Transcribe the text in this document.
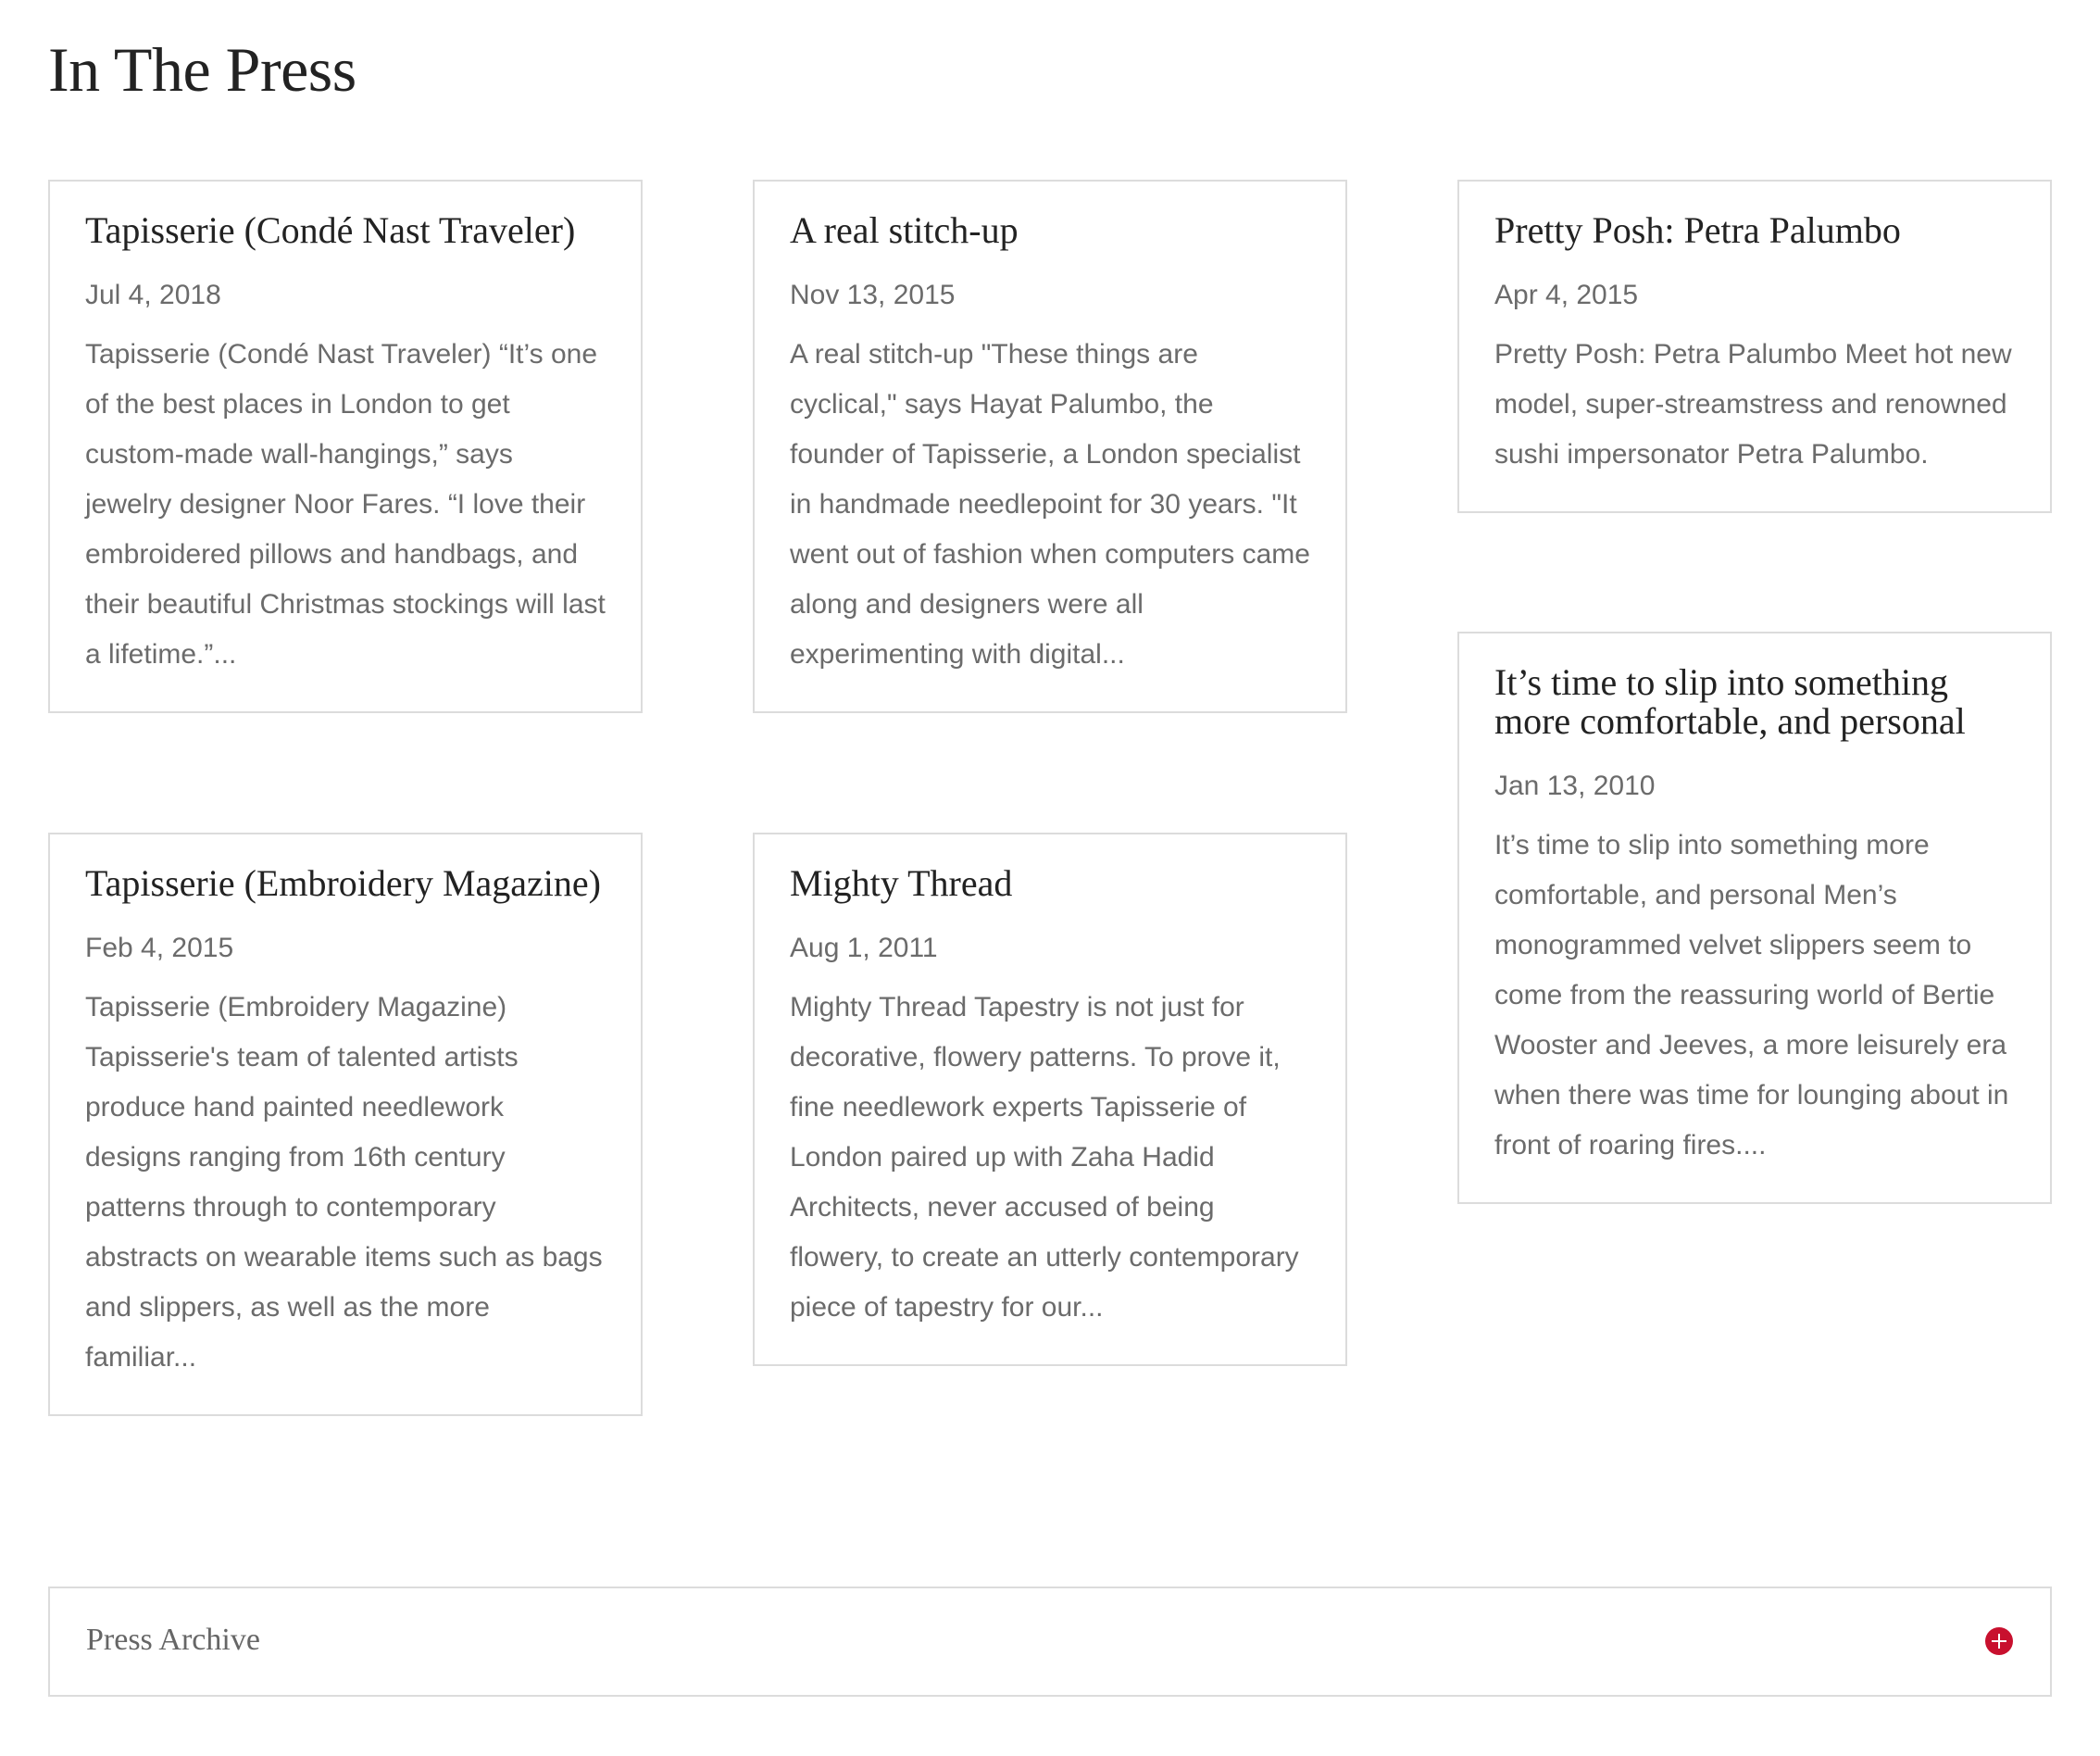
In The Press
Tapisserie (Condé Nast Traveler)
Jul 4, 2018
Tapisserie (Condé Nast Traveler) “It’s one of the best places in London to get custom-made wall-hangings,” says jewelry designer Noor Fares. “I love their embroidered pillows and handbags, and their beautiful Christmas stockings will last a lifetime.”...
A real stitch-up
Nov 13, 2015
A real stitch-up "These things are cyclical," says Hayat Palumbo, the founder of Tapisserie, a London specialist in handmade needlepoint for 30 years. "It went out of fashion when computers came along and designers were all experimenting with digital...
Pretty Posh: Petra Palumbo
Apr 4, 2015
Pretty Posh: Petra Palumbo Meet hot new model, super-streamstress and renowned sushi impersonator Petra Palumbo.
Tapisserie (Embroidery Magazine)
Feb 4, 2015
Tapisserie (Embroidery Magazine) Tapisserie's team of talented artists produce hand painted needlework designs ranging from 16th century patterns through to contemporary abstracts on wearable items such as bags and slippers, as well as the more familiar...
Mighty Thread
Aug 1, 2011
Mighty Thread Tapestry is not just for decorative, flowery patterns. To prove it, fine needlework experts Tapisserie of London paired up with Zaha Hadid Architects, never accused of being flowery, to create an utterly contemporary piece of tapestry for our...
It’s time to slip into something more comfortable, and personal
Jan 13, 2010
It’s time to slip into something more comfortable, and personal Men’s monogrammed velvet slippers seem to come from the reassuring world of Bertie Wooster and Jeeves, a more leisurely era when there was time for lounging about in front of roaring fires....
Press Archive
